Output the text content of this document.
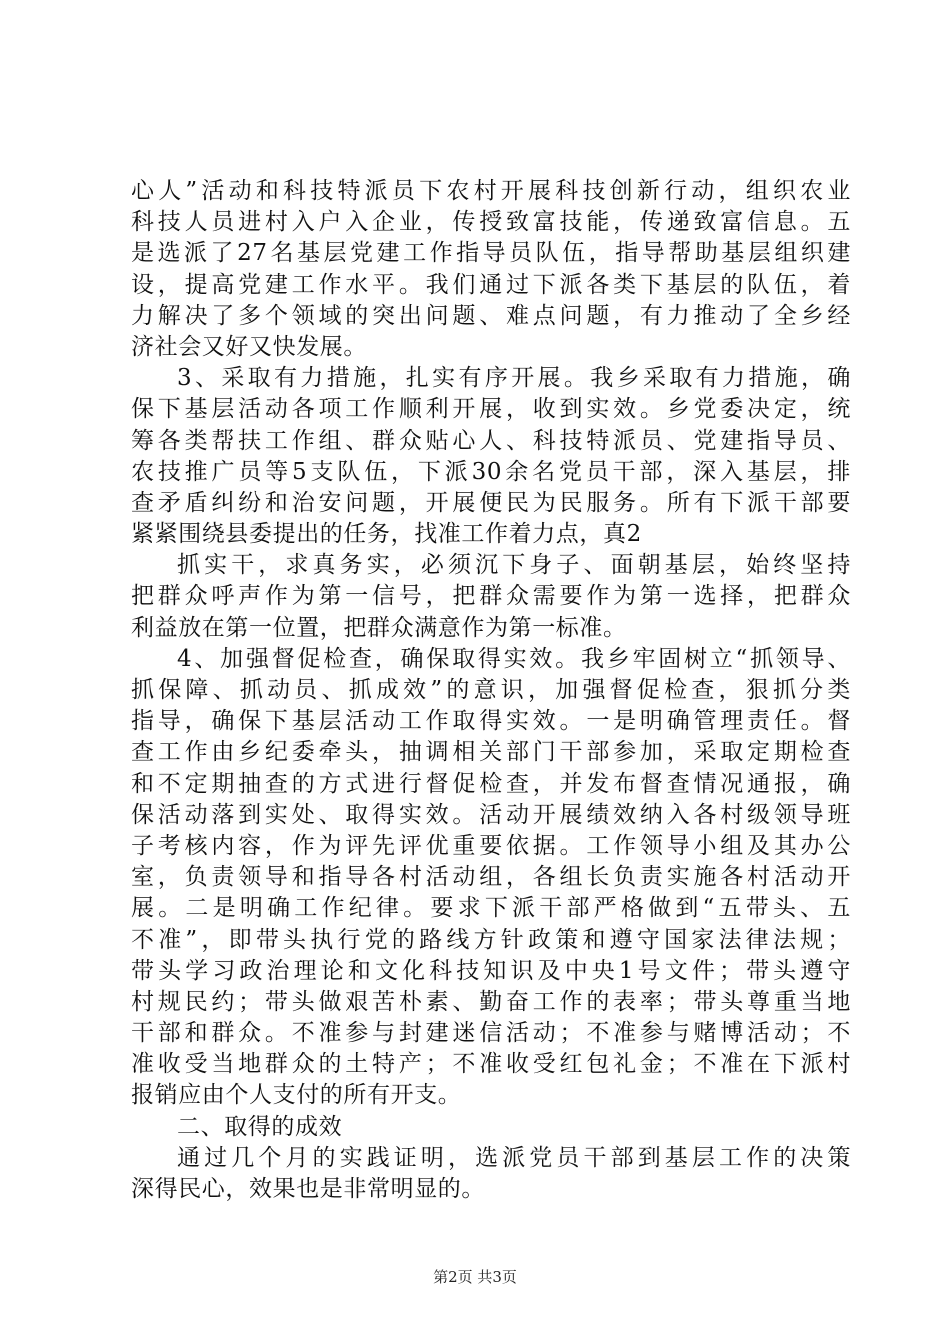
心人”活动和科技特派员下农村开展科技创新行动，组织农业
科技人员进村入户入企业，传授致富技能，传递致富信息。五
是选派了27名基层党建工作指导员队伍，指导帮助基层组织建
设，提高党建工作水平。我们通过下派各类下基层的队伍，着
力解决了多个领域的突出问题、难点问题，有力推动了全乡经
济社会又好又快发展。
3、采取有力措施，扎实有序开展。我乡采取有力措施，确
保下基层活动各项工作顺利开展，收到实效。乡党委决定，统
筹各类帮扶工作组、群众贴心人、科技特派员、党建指导员、
农技推广员等5支队伍，下派30余名党员干部，深入基层，排
查矛盾纠纷和治安问题，开展便民为民服务。所有下派干部要
紧紧围绕县委提出的任务，找准工作着力点，真2
抓实干，求真务实，必须沉下身子、面朝基层，始终坚持
把群众呼声作为第一信号，把群众需要作为第一选择，把群众
利益放在第一位置，把群众满意作为第一标准。
4、加强督促检查，确保取得实效。我乡牢固树立“抓领导、
抓保障、抓动员、抓成效”的意识，加强督促检查，狠抓分类
指导，确保下基层活动工作取得实效。一是明确管理责任。督
查工作由乡纪委牵头，抽调相关部门干部参加，采取定期检查
和不定期抽查的方式进行督促检查，并发布督查情况通报，确
保活动落到实处、取得实效。活动开展绩效纳入各村级领导班
子考核内容，作为评先评优重要依据。工作领导小组及其办公
室，负责领导和指导各村活动组，各组长负责实施各村活动开
展。二是明确工作纪律。要求下派干部严格做到“五带头、五
不准”，即带头执行党的路线方针政策和遵守国家法律法规；
带头学习政治理论和文化科技知识及中央1号文件；带头遵守
村规民约；带头做艰苦朴素、勤奋工作的表率；带头尊重当地
干部和群众。不准参与封建迷信活动；不准参与赌博活动；不
准收受当地群众的土特产；不准收受红包礼金；不准在下派村
报销应由个人支付的所有开支。
二、取得的成效
通过几个月的实践证明，选派党员干部到基层工作的决策
深得民心，效果也是非常明显的。
第2页 共3页
